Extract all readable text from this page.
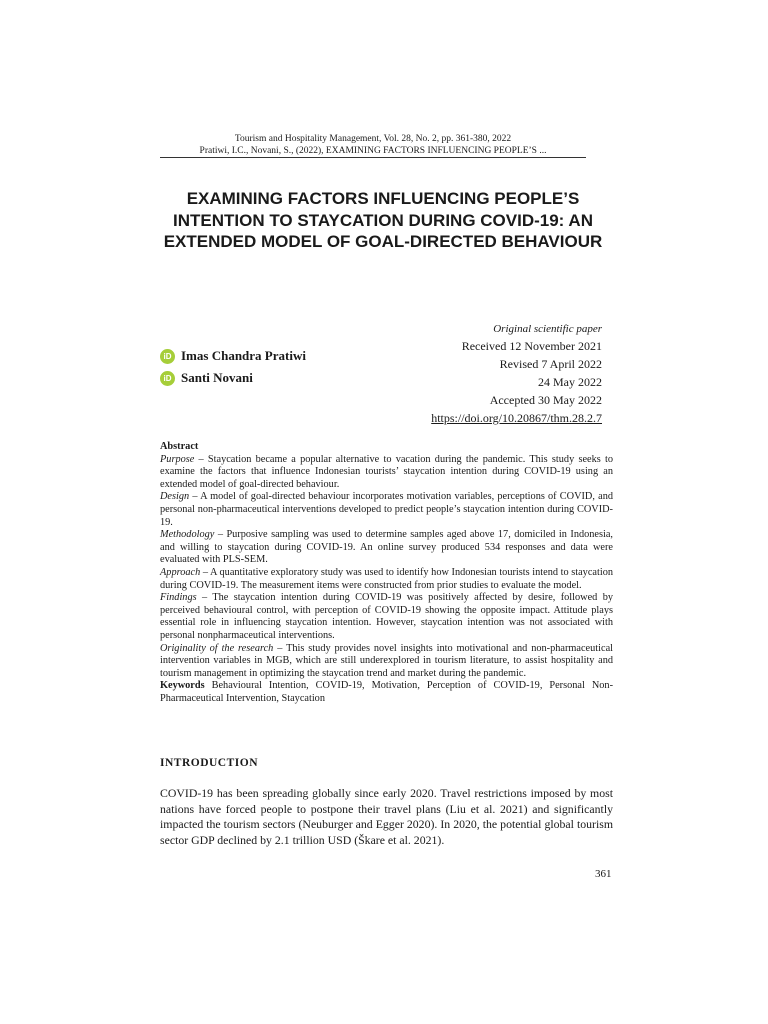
Tourism and Hospitality Management, Vol. 28, No. 2, pp. 361-380, 2022
Pratiwi, I.C., Novani, S., (2022), EXAMINING FACTORS INFLUENCING PEOPLE’S ...
EXAMINING FACTORS INFLUENCING PEOPLE’S INTENTION TO STAYCATION DURING COVID-19: AN EXTENDED MODEL OF GOAL-DIRECTED BEHAVIOUR
Original scientific paper
Received 12 November 2021
Revised 7 April 2022
24 May 2022
Accepted 30 May 2022
https://doi.org/10.20867/thm.28.2.7
iD Imas Chandra Pratiwi
iD Santi Novani
Abstract

Purpose – Staycation became a popular alternative to vacation during the pandemic. This study seeks to examine the factors that influence Indonesian tourists’ staycation intention during COVID-19 using an extended model of goal-directed behaviour.

Design – A model of goal-directed behaviour incorporates motivation variables, perceptions of COVID, and personal non-pharmaceutical interventions developed to predict people’s staycation intention during COVID-19.

Methodology – Purposive sampling was used to determine samples aged above 17, domiciled in Indonesia, and willing to staycation during COVID-19. An online survey produced 534 responses and data were evaluated with PLS-SEM.

Approach – A quantitative exploratory study was used to identify how Indonesian tourists intend to staycation during COVID-19. The measurement items were constructed from prior studies to evaluate the model.

Findings – The staycation intention during COVID-19 was positively affected by desire, followed by perceived behavioural control, with perception of COVID-19 showing the opposite impact. Attitude plays essential role in influencing staycation intention. However, staycation intention was not associated with personal nonpharmaceutical interventions.

Originality of the research – This study provides novel insights into motivational and non-pharmaceutical intervention variables in MGB, which are still underexplored in tourism literature, to assist hospitality and tourism management in optimizing the staycation trend and market during the pandemic.

Keywords Behavioural Intention, COVID-19, Motivation, Perception of COVID-19, Personal Non-Pharmaceutical Intervention, Staycation

INTRODUCTION

COVID-19 has been spreading globally since early 2020. Travel restrictions imposed by most nations have forced people to postpone their travel plans (Liu et al. 2021) and significantly impacted the tourism sectors (Neuburger and Egger 2020). In 2020, the potential global tourism sector GDP declined by 2.1 trillion USD (Škare et al. 2021).

361
